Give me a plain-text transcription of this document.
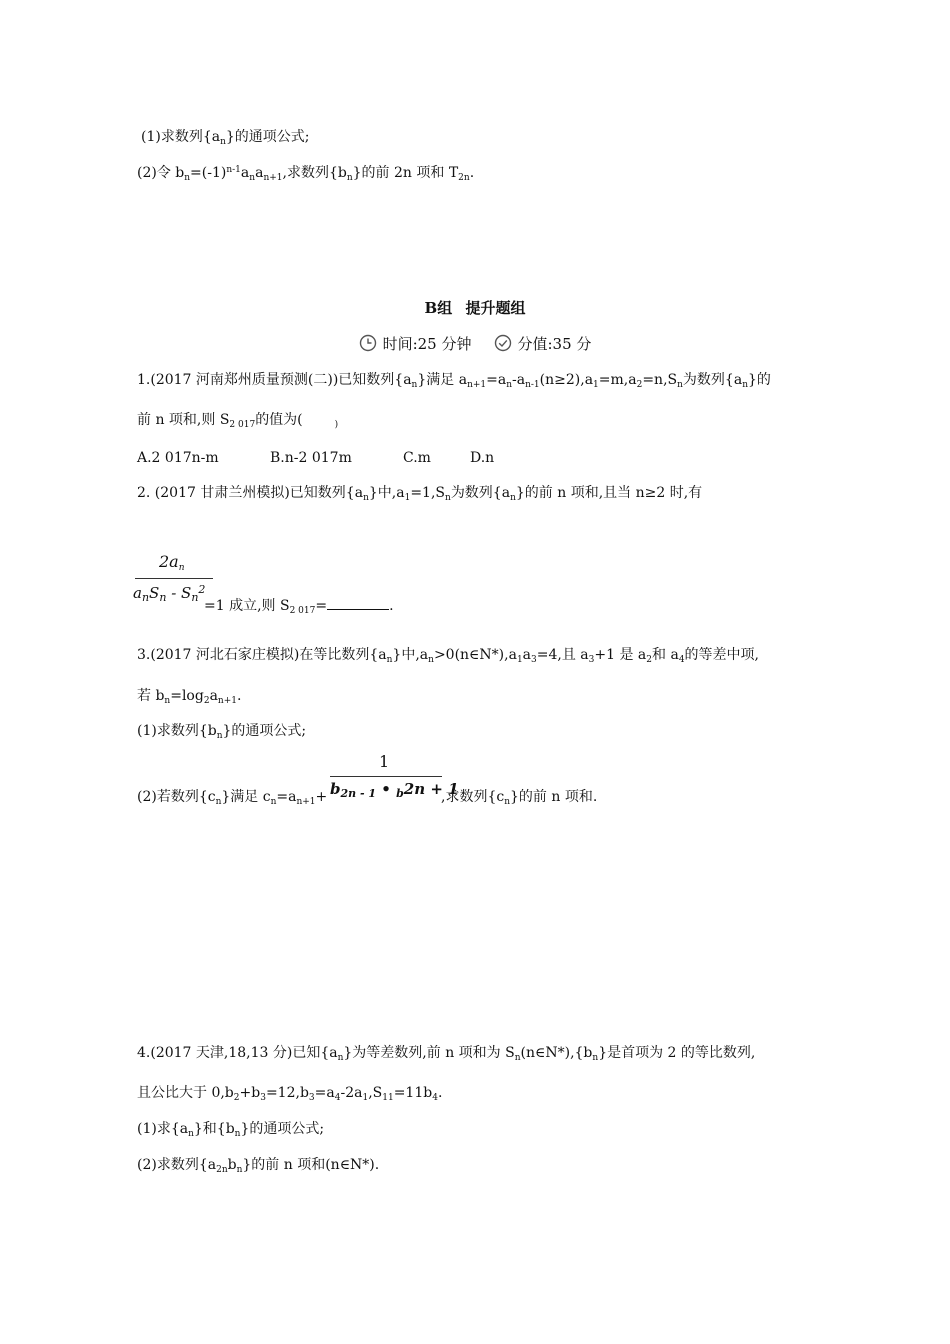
(1)求数列$\{a_n\}$的通项公式;
(2)令 $b_n=(-1)^{n-1}a_na_{n+1}$,求数列$\{b_n\}$的前 2n 项和 $T_{2n}$.
B组 提升题组
时间:25 分钟	分值:35 分
1.(2017 河南郑州质量预测(二))已知数列$\{a_n\}$满足 $a_{n+1}=a_n-a_{n-1}(n\ge 2),a_1=m,a_2=n,S_n$为数列$\{a_n\}$的
前 n 项和,则 $S_{2 017}$的值为(	$_)$
A.2 017n-m	B.n-2 017m	C.m	D.n
2. (2017 甘肃兰州模拟)已知数列$\{a_n\}$中$,a_1=1,S_n$为数列$\{a_n\}$的前 n 项和,且当 n≥2 时,有
$2a_n$
$a_nS_n - S_n^2$
=1 成立,则 $S_{2 017}=$	.
3.(2017 河北石家庄模拟)在等比数列$\{a_n\}$中$,a_n>0(n\in N*),a_1a_3=4$,且 $a_3+1$ 是 $a_2$和 $a_4$的等差中项,
若 $b_n=\log_2a_{n+1}$.
(1)求数列$\{b_n\}$的通项公式;
(2)若数列$\{c_n\}$满足 $c_n=a_{n+1}+$
1
$b_{2n - 1}$ • $_b$2n + 1
,求数列$\{c_n\}$的前 n 项和.
4.(2017 天津,18,13 分)已知$\{a_n\}$为等差数列,前 n 项和为 $S_n(n\in N*),\{b_n\}$是首项为 2 的等比数列,
且公比大于 $0,b_2+b_3=12,b_3=a_4-2a_1,S_{11}=11b_4$.
(1)求$\{a_n\}$和$\{b_n\}$的通项公式;
(2)求数列$\{a_{2n}b_n\}$的前 n 项和(n∈N*).
